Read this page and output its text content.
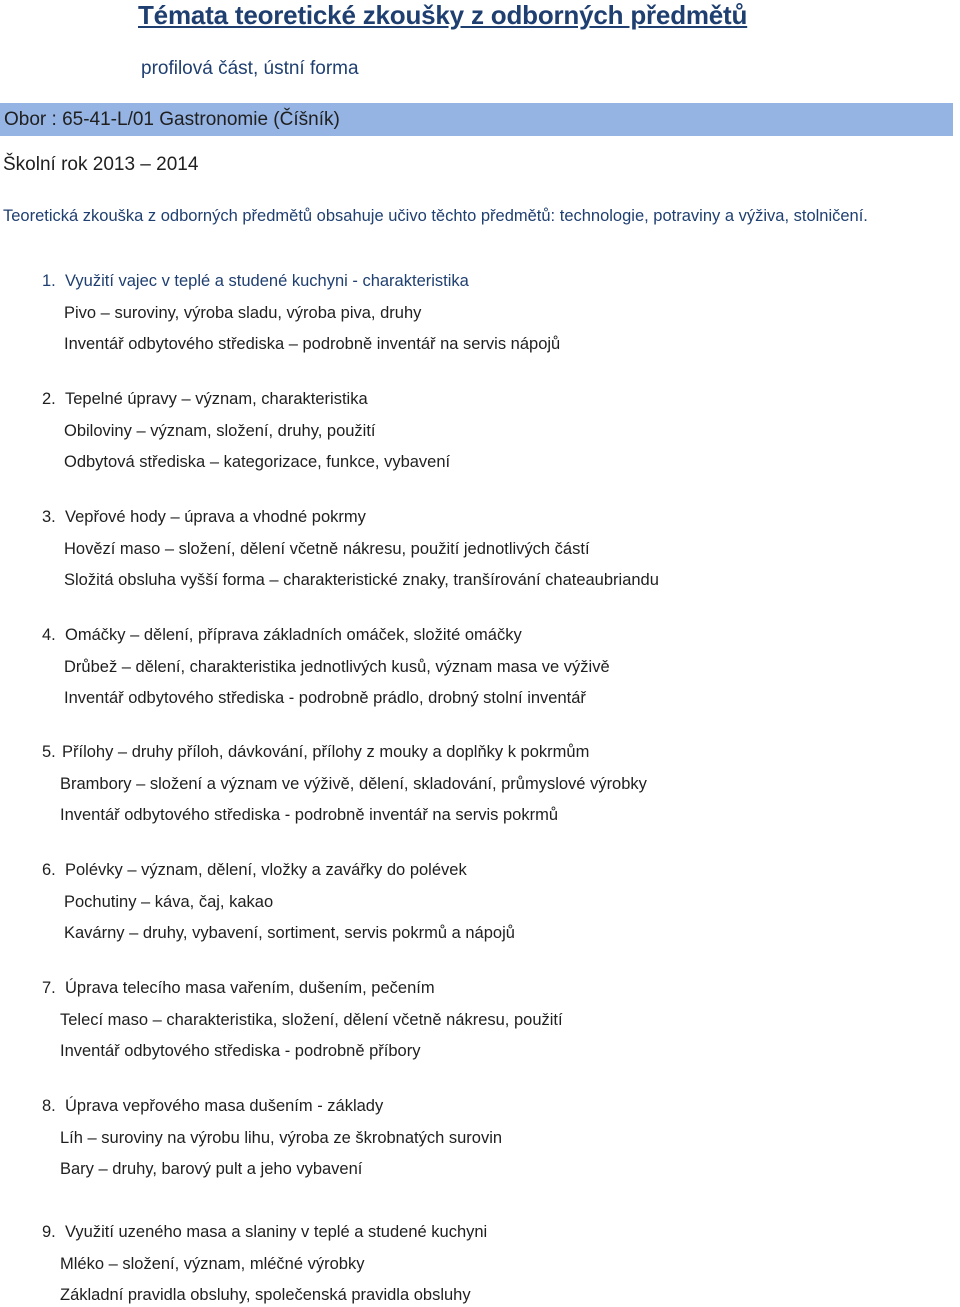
Témata teoretické zkoušky z odborných předmětů
profilová část, ústní forma
Obor : 65-41-L/01 Gastronomie (Číšník)
Školní rok 2013 – 2014
Teoretická zkouška z odborných předmětů obsahuje učivo těchto předmětů: technologie, potraviny a výživa, stolničení.
1. Využití vajec v teplé a studené kuchyni - charakteristika
Pivo – suroviny, výroba sladu, výroba piva, druhy
Inventář odbytového střediska – podrobně inventář na servis nápojů
2. Tepelné úpravy – význam, charakteristika
Obiloviny – význam, složení, druhy, použití
Odbytová střediska – kategorizace, funkce, vybavení
3. Vepřové hody – úprava a vhodné pokrmy
Hovězí maso – složení, dělení včetně nákresu, použití jednotlivých částí
Složitá obsluha vyšší forma – charakteristické znaky, tranšírování chateaubriandu
4. Omáčky – dělení, příprava základních omáček, složité omáčky
Drůbež – dělení, charakteristika jednotlivých kusů, význam masa ve výživě
Inventář odbytového střediska - podrobně prádlo, drobný stolní inventář
5. Přílohy – druhy příloh, dávkování, přílohy z mouky a doplňky k pokrmům
Brambory – složení a význam ve výživě, dělení, skladování, průmyslové výrobky
Inventář odbytového střediska - podrobně inventář na servis pokrmů
6. Polévky – význam, dělení, vložky a zavářky do polévek
Pochutiny – káva, čaj, kakao
Kavárny – druhy, vybavení, sortiment, servis pokrmů a nápojů
7. Úprava telecího masa vařením, dušením, pečením
Telecí maso – charakteristika, složení, dělení včetně nákresu, použití
Inventář odbytového střediska - podrobně příbory
8. Úprava vepřového masa dušením - základy
Líh – suroviny na výrobu lihu, výroba ze škrobnatých surovin
Bary – druhy, barový pult a jeho vybavení
9. Využití uzeného masa a slaniny v teplé a studené kuchyni
Mléko – složení, význam, mléčné výrobky
Základní pravidla obsluhy, společenská pravidla obsluhy
